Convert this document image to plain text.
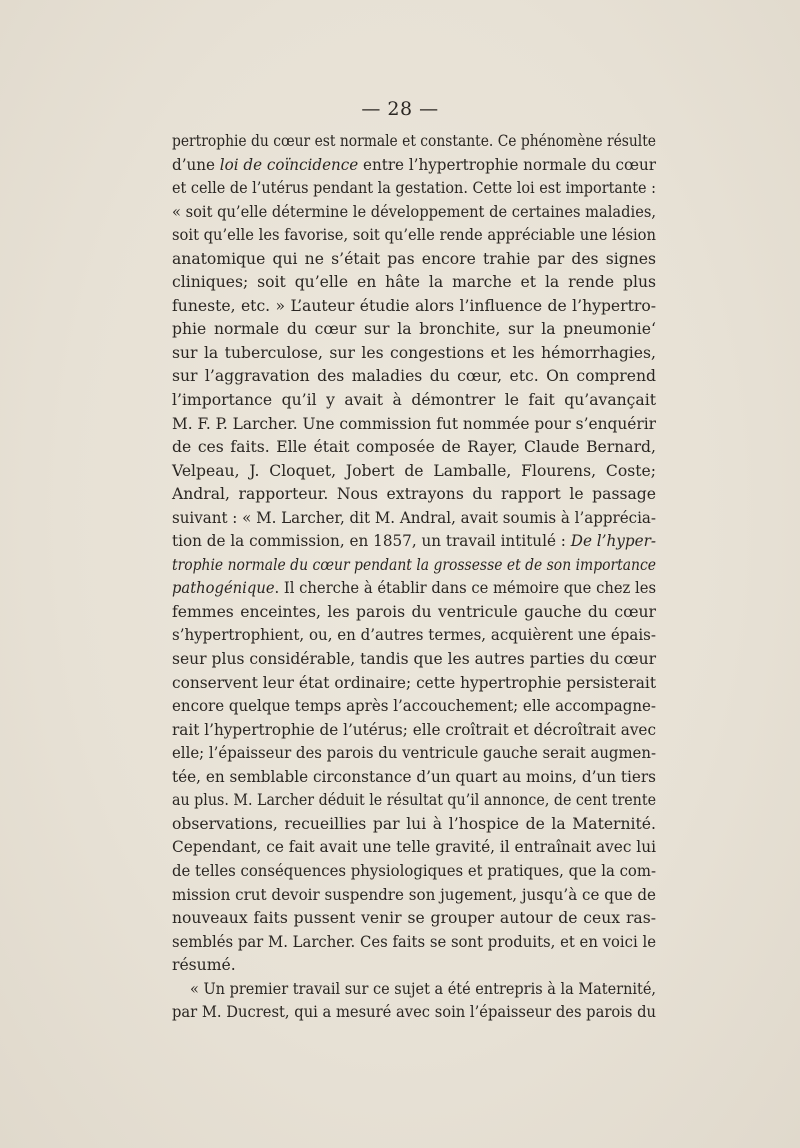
— 28 —
pertrophie du cœur est normale et constante. Ce phénomène résulte
d’une loi de coïncidence entre l’hypertrophie normale du cœur
et celle de l’utérus pendant la gestation. Cette loi est importante :
« soit qu’elle détermine le développement de certaines maladies,
soit qu’elle les favorise, soit qu’elle rende appréciable une lésion
anatomique qui ne s’était pas encore trahie par des signes
cliniques; soit qu’elle en hâte la marche et la rende plus
funeste, etc. » L’auteur étudie alors l’influence de l’hypertro-
phie normale du cœur sur la bronchite, sur la pneumonie‘
sur la tuberculose, sur les congestions et les hémorrhagies,
sur l’aggravation des maladies du cœur, etc. On comprend
l’importance qu’il y avait à démontrer le fait qu’avançait
M. F. P. Larcher. Une commission fut nommée pour s’enquérir
de ces faits. Elle était composée de Rayer, Claude Bernard,
Velpeau, J. Cloquet, Jobert de Lamballe, Flourens, Coste;
Andral, rapporteur. Nous extrayons du rapport le passage
suivant : « M. Larcher, dit M. Andral, avait soumis à l’apprécia-
tion de la commission, en 1857, un travail intitulé : De l’hyper-
trophie normale du cœur pendant la grossesse et de son importance
pathogénique. Il cherche à établir dans ce mémoire que chez les
femmes enceintes, les parois du ventricule gauche du cœur
s’hypertrophient, ou, en d’autres termes, acquièrent une épais-
seur plus considérable, tandis que les autres parties du cœur
conservent leur état ordinaire; cette hypertrophie persisterait
encore quelque temps après l’accouchement; elle accompagne-
rait l’hypertrophie de l’utérus; elle croîtrait et décroîtrait avec
elle; l’épaisseur des parois du ventricule gauche serait augmen-
tée, en semblable circonstance d’un quart au moins, d’un tiers
au plus. M. Larcher déduit le résultat qu’il annonce, de cent trente
observations, recueillies par lui à l’hospice de la Maternité.
Cependant, ce fait avait une telle gravité, il entraînait avec lui
de telles conséquences physiologiques et pratiques, que la com-
mission crut devoir suspendre son jugement, jusqu’à ce que de
nouveaux faits pussent venir se grouper autour de ceux ras-
semblés par M. Larcher. Ces faits se sont produits, et en voici le
résumé.
« Un premier travail sur ce sujet a été entrepris à la Maternité,
par M. Ducrest, qui a mesuré avec soin l’épaisseur des parois du
